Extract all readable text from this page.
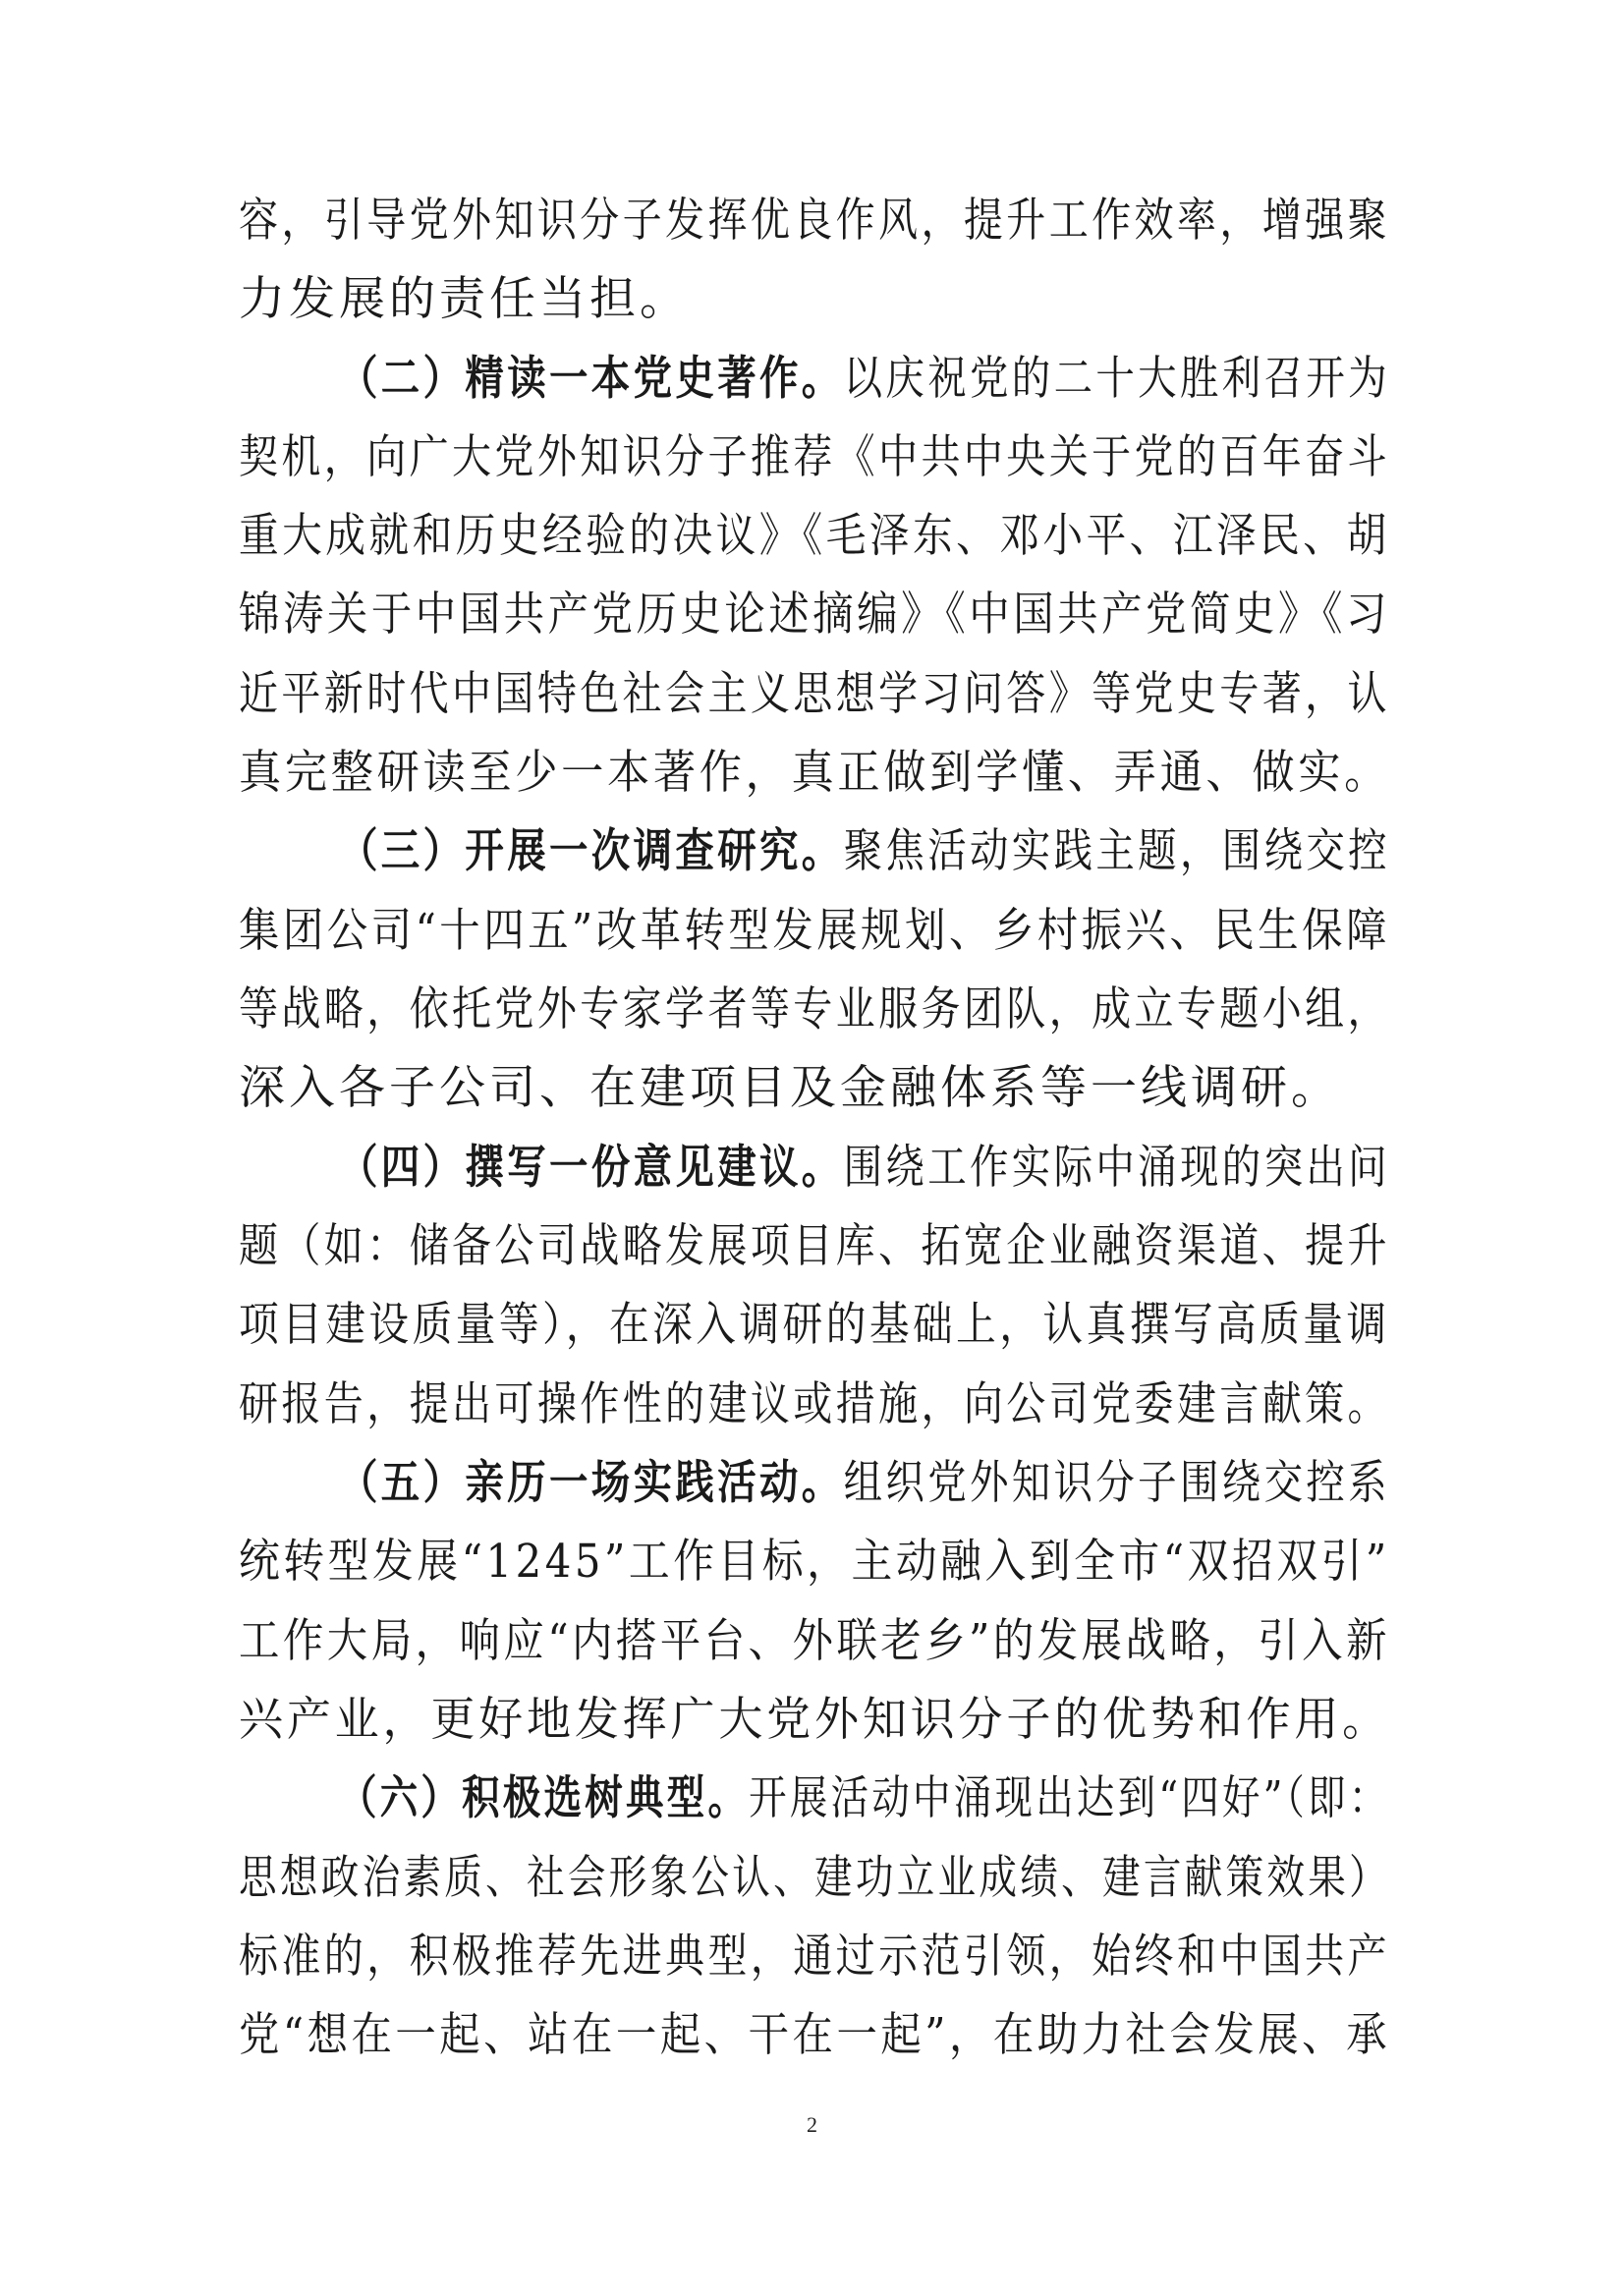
容，引导党外知识分子发挥优良作风，提升工作效率，增强聚
力发展的责任当担。
（二）精读一本党史著作。以庆祝党的二十大胜利召开为
契机，向广大党外知识分子推荐《中共中央关于党的百年奋斗
重大成就和历史经验的决议》《毛泽东、邓小平、江泽民、胡
锦涛关于中国共产党历史论述摘编》《中国共产党简史》《习
近平新时代中国特色社会主义思想学习问答》等党史专著，认
真完整研读至少一本著作，真正做到学懂、弄通、做实。
（三）开展一次调查研究。聚焦活动实践主题，围绕交控
集团公司“十四五”改革转型发展规划、乡村振兴、民生保障
等战略，依托党外专家学者等专业服务团队，成立专题小组，
深入各子公司、在建项目及金融体系等一线调研。
（四）撰写一份意见建议。围绕工作实际中涌现的突出问
题（如：储备公司战略发展项目库、拓宽企业融资渠道、提升
项目建设质量等），在深入调研的基础上，认真撰写高质量调
研报告，提出可操作性的建议或措施，向公司党委建言献策。
（五）亲历一场实践活动。组织党外知识分子围绕交控系
统转型发展“1245”工作目标，主动融入到全市“双招双引”
工作大局，响应“内搭平台、外联老乡”的发展战略，引入新
兴产业，更好地发挥广大党外知识分子的优势和作用。
（六）积极选树典型。开展活动中涌现出达到“四好”（即：
思想政治素质、社会形象公认、建功立业成绩、建言献策效果）
标准的，积极推荐先进典型，通过示范引领，始终和中国共产
党“想在一起、站在一起、干在一起”，在助力社会发展、承
2
